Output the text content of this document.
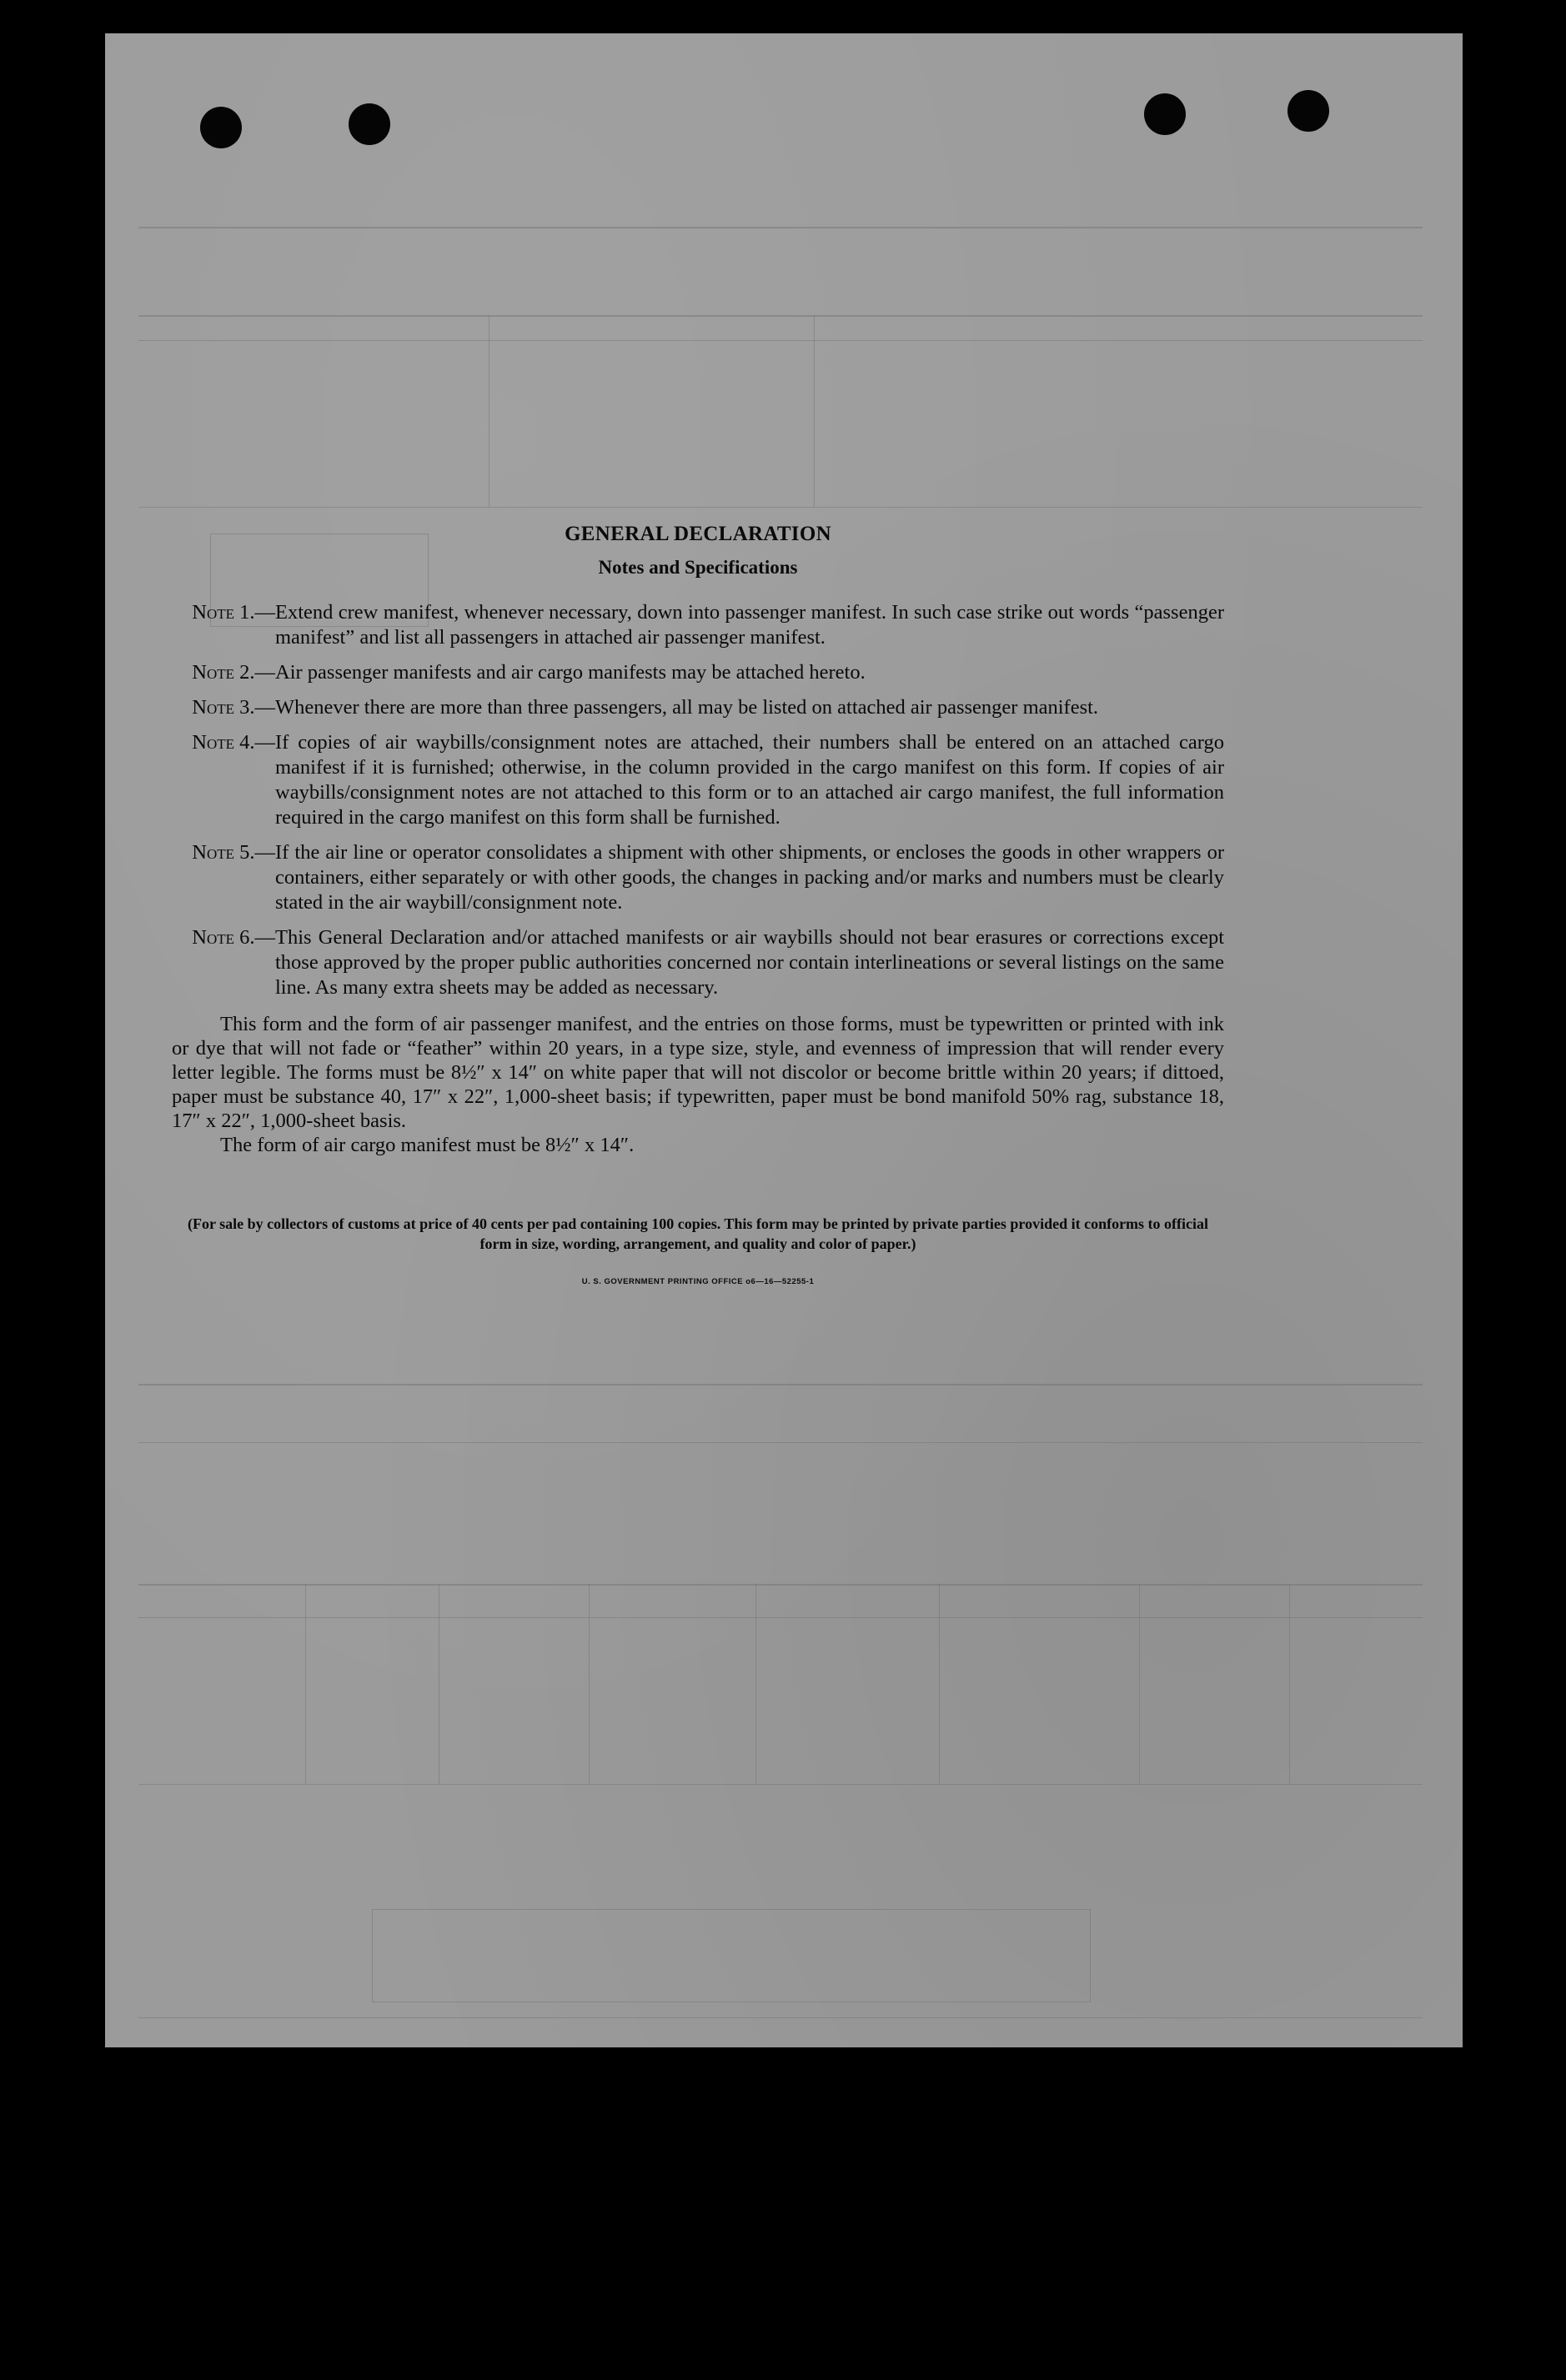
GENERAL DECLARATION
Notes and Specifications
Note 1.— Extend crew manifest, whenever necessary, down into passenger manifest. In such case strike out words “passenger manifest” and list all passengers in attached air passenger manifest.
Note 2.— Air passenger manifests and air cargo manifests may be attached hereto.
Note 3.— Whenever there are more than three passengers, all may be listed on attached air passenger manifest.
Note 4.— If copies of air waybills/consignment notes are attached, their numbers shall be entered on an attached cargo manifest if it is furnished; otherwise, in the column provided in the cargo manifest on this form. If copies of air waybills/consignment notes are not attached to this form or to an attached air cargo manifest, the full information required in the cargo manifest on this form shall be furnished.
Note 5.— If the air line or operator consolidates a shipment with other shipments, or encloses the goods in other wrappers or containers, either separately or with other goods, the changes in packing and/or marks and numbers must be clearly stated in the air waybill/consignment note.
Note 6.— This General Declaration and/or attached manifests or air waybills should not bear erasures or corrections except those approved by the proper public authorities concerned nor contain interlineations or several listings on the same line. As many extra sheets may be added as necessary.

This form and the form of air passenger manifest, and the entries on those forms, must be typewritten or printed with ink or dye that will not fade or “feather” within 20 years, in a type size, style, and evenness of impression that will render every letter legible. The forms must be 8½″ x 14″ on white paper that will not discolor or become brittle within 20 years; if dittoed, paper must be substance 40, 17″ x 22″, 1,000-sheet basis; if typewritten, paper must be bond manifold 50% rag, substance 18, 17″ x 22″, 1,000-sheet basis.

The form of air cargo manifest must be 8½″ x 14″.

(For sale by collectors of customs at price of 40 cents per pad containing 100 copies. This form may be printed by private parties provided it conforms to official form in size, wording, arrangement, and quality and color of paper.)
U. S. GOVERNMENT PRINTING OFFICE o6—16—52255-1
